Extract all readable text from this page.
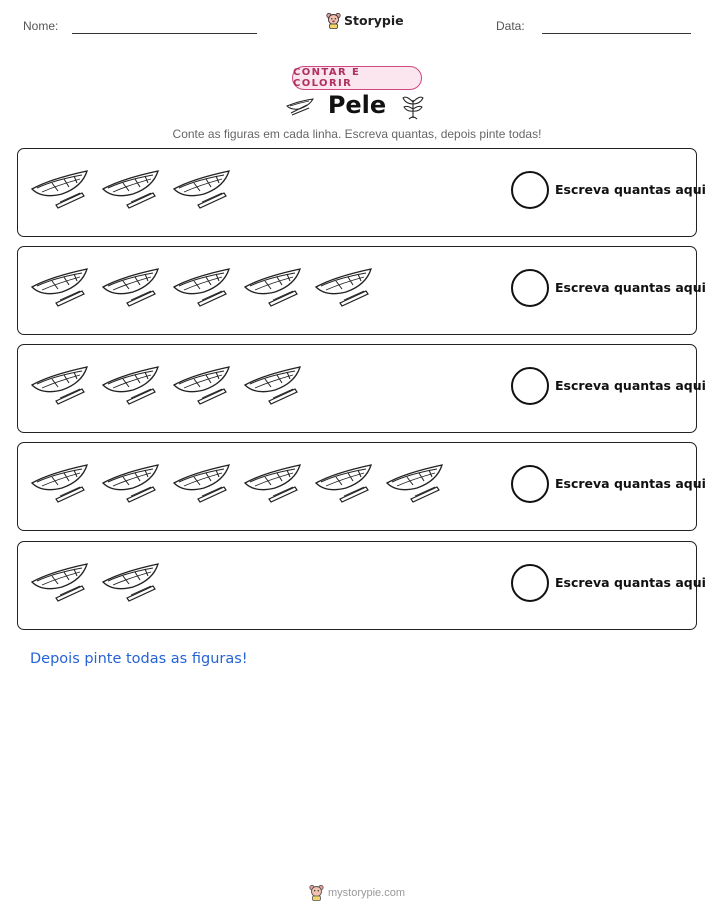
Nome:	Storypie	Data:
CONTAR E COLORIR
Pele
Conte as figuras em cada linha. Escreva quantas, depois pinte todas!
Escreva quantas aqui
Escreva quantas aqui
Escreva quantas aqui
Escreva quantas aqui
Escreva quantas aqui
Depois pinte todas as figuras!
mystorypie.com
